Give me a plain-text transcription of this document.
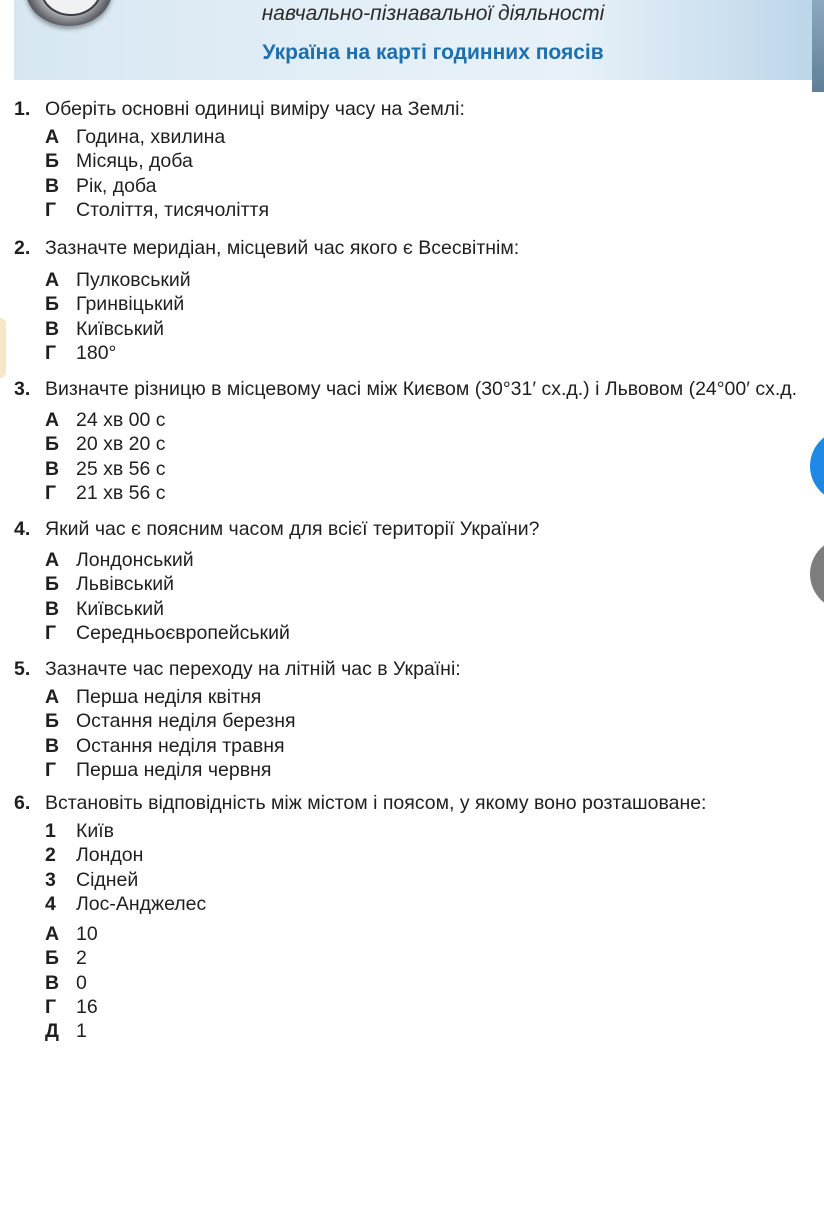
навчально-пізнавальної діяльності
Україна на карті годинних поясів
1. Оберіть основні одиниці виміру часу на Землі:
А Година, хвилина
Б Місяць, доба
В Рік, доба
Г	Століття, тисячоліття
2. Зазначте меридіан, місцевий час якого є Всесвітнім:
А Пулковський
Б Гринвіцький
В Київський
Г	180°
3. Визначте різницю в місцевому часі між Києвом (30°31′ сх.д.) і Львовом (24°00′ сх.д.
А 24 хв 00 с
Б 20 хв 20 с
В 25 хв 56 с
Г	21 хв 56 с
4. Який час є поясним часом для всієї території України?
А Лондонський
Б Львівський
В Київський
Г	Середньоєвропейський
5. Зазначте час переходу на літній час в Україні:
А Перша неділя квітня
Б Остання неділя березня
В Остання неділя травня
Г	Перша неділя червня
6. Встановіть відповідність між містом і поясом, у якому воно розташоване:
1	Київ
2	Лондон
3	Сідней
4	Лос-Анджелес
А 10
Б 2
В 0
Г	16
Д 1
